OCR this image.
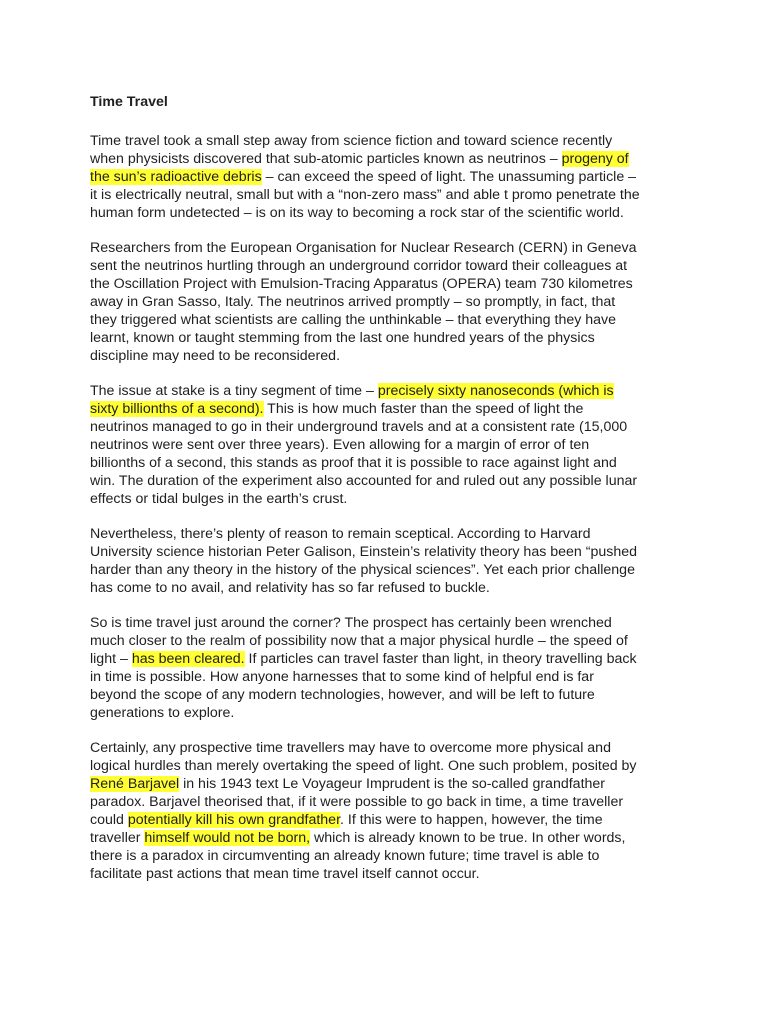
Time Travel

Time travel took a small step away from science fiction and toward science recently
when physicists discovered that sub-atomic particles known as neutrinos – progeny of
the sun’s radioactive debris – can exceed the speed of light. The unassuming particle –
it is electrically neutral, small but with a “non-zero mass” and able t promo penetrate the
human form undetected – is on its way to becoming a rock star of the scientific world.

Researchers from the European Organisation for Nuclear Research (CERN) in Geneva
sent the neutrinos hurtling through an underground corridor toward their colleagues at
the Oscillation Project with Emulsion-Tracing Apparatus (OPERA) team 730 kilometres
away in Gran Sasso, Italy. The neutrinos arrived promptly – so promptly, in fact, that
they triggered what scientists are calling the unthinkable – that everything they have
learnt, known or taught stemming from the last one hundred years of the physics
discipline may need to be reconsidered.

The issue at stake is a tiny segment of time – precisely sixty nanoseconds (which is
sixty billionths of a second). This is how much faster than the speed of light the
neutrinos managed to go in their underground travels and at a consistent rate (15,000
neutrinos were sent over three years). Even allowing for a margin of error of ten
billionths of a second, this stands as proof that it is possible to race against light and
win. The duration of the experiment also accounted for and ruled out any possible lunar
effects or tidal bulges in the earth’s crust.

Nevertheless, there’s plenty of reason to remain sceptical. According to Harvard
University science historian Peter Galison, Einstein’s relativity theory has been “pushed
harder than any theory in the history of the physical sciences”. Yet each prior challenge
has come to no avail, and relativity has so far refused to buckle.

So is time travel just around the corner? The prospect has certainly been wrenched
much closer to the realm of possibility now that a major physical hurdle – the speed of
light – has been cleared. If particles can travel faster than light, in theory travelling back
in time is possible. How anyone harnesses that to some kind of helpful end is far
beyond the scope of any modern technologies, however, and will be left to future
generations to explore.

Certainly, any prospective time travellers may have to overcome more physical and
logical hurdles than merely overtaking the speed of light. One such problem, posited by
René Barjavel in his 1943 text Le Voyageur Imprudent is the so-called grandfather
paradox. Barjavel theorised that, if it were possible to go back in time, a time traveller
could potentially kill his own grandfather. If this were to happen, however, the time
traveller himself would not be born, which is already known to be true. In other words,
there is a paradox in circumventing an already known future; time travel is able to
facilitate past actions that mean time travel itself cannot occur.
